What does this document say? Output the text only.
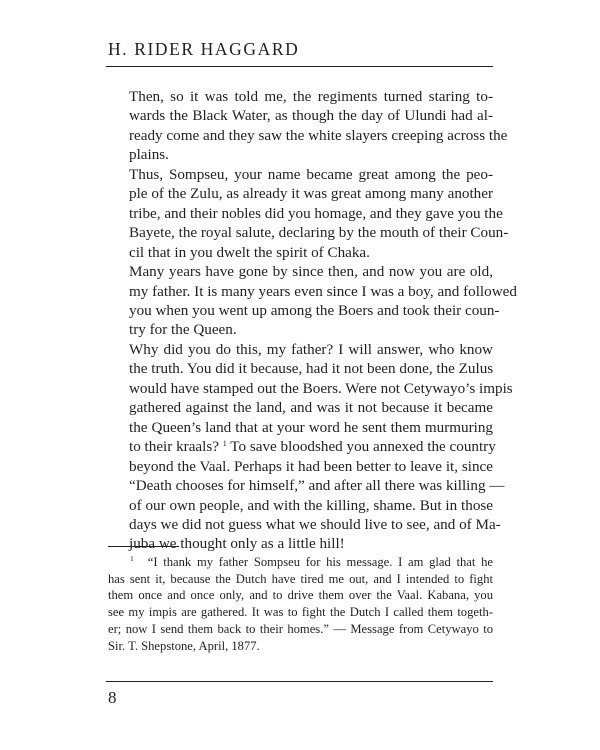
H. RIDER HAGGARD

Then, so it was told me, the regiments turned staring to-
wards the Black Water, as though the day of Ulundi had al-
ready come and they saw the white slayers creeping across the
plains.

Thus, Sompseu, your name became great among the peo-
ple of the Zulu, as already it was great among many another
tribe, and their nobles did you homage, and they gave you the
Bayete, the royal salute, declaring by the mouth of their Coun-
cil that in you dwelt the spirit of Chaka.

Many years have gone by since then, and now you are old,
my father. It is many years even since I was a boy, and followed
you when you went up among the Boers and took their coun-
try for the Queen.

Why did you do this, my father? I will answer, who know
the truth. You did it because, had it not been done, the Zulus
would have stamped out the Boers. Were not Cetywayo’s impis
gathered against the land, and was it not because it became
the Queen’s land that at your word he sent them murmuring
to their kraals? $^1$ To save bloodshed you annexed the country
beyond the Vaal. Perhaps it had been better to leave it, since
“Death chooses for himself,” and after all there was killing —
of our own people, and with the killing, shame. But in those
days we did not guess what we should live to see, and of Ma-
juba we thought only as a little hill!

$^1$ “I thank my father Sompseu for his message. I am glad that he
has sent it, because the Dutch have tired me out, and I intended to fight
them once and once only, and to drive them over the Vaal. Kabana, you
see my impis are gathered. It was to fight the Dutch I called them togeth-
er; now I send them back to their homes.” — Message from Cetywayo to
Sir. T. Shepstone, April, 1877.
8
